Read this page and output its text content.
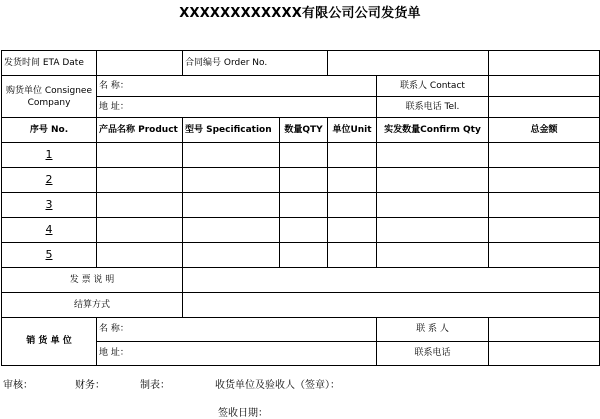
XXXXXXXXXXXX有限公司公司发货单
发货时间 ETA Date		合同编号 Order No.				
购货单位 Consignee Company	名 称：				联系人 Contact	
	地 址：				联系电话 Tel.	
序号 No.	产品名称 Product	型号 Specification	数量QTY	单位Unit	实发数量Confirm Qty	总金额
1						
2						
3						
4						
5						
发 票 说 明						
结算方式						
销 货 单 位	名 称：				联 系 人	
	地 址：				联系电话	
审核：	财务：	制表：	收货单位及验收人（签章）：
签收日期：
